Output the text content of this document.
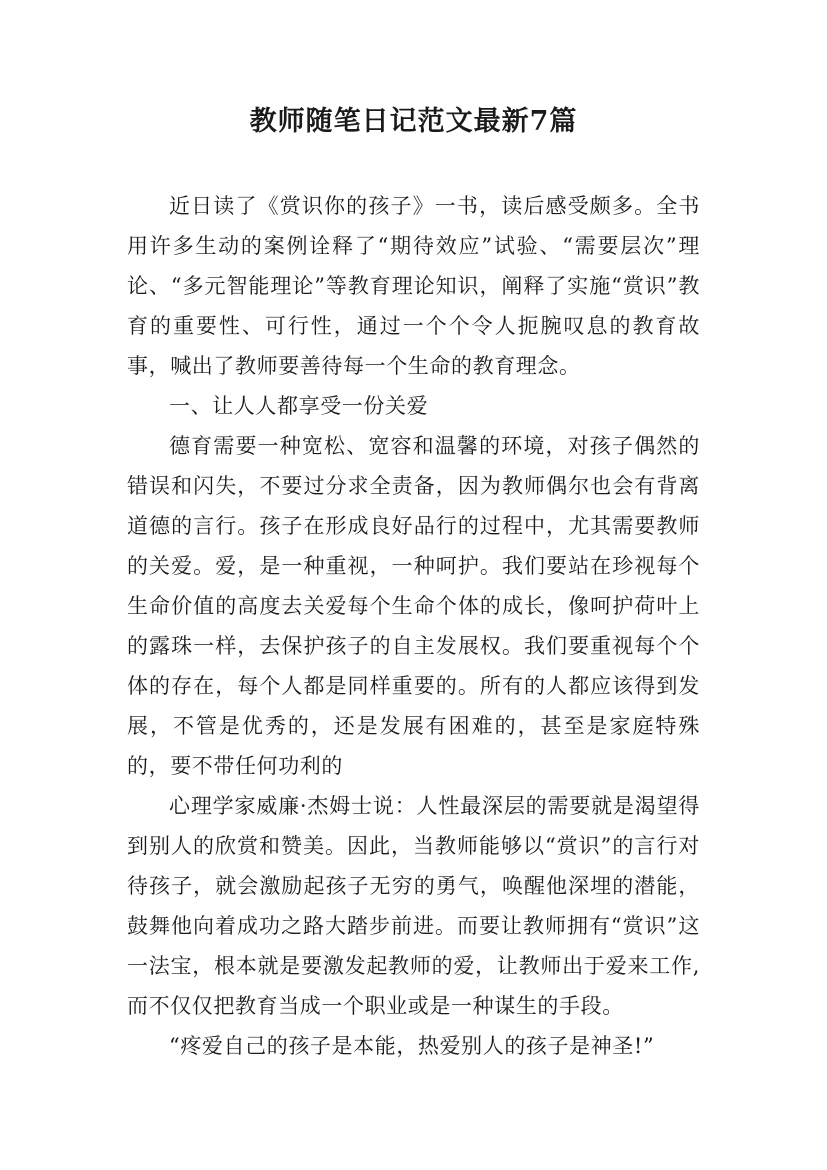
教师随笔日记范文最新7篇

近日读了《赏识你的孩子》一书，读后感受颇多。全书用许多生动的案例诠释了“期待效应”试验、“需要层次”理论、“多元智能理论”等教育理论知识，阐释了实施“赏识”教育的重要性、可行性，通过一个个令人扼腕叹息的教育故事，喊出了教师要善待每一个生命的教育理念。

一、让人人都享受一份关爱

德育需要一种宽松、宽容和温馨的环境，对孩子偶然的错误和闪失，不要过分求全责备，因为教师偶尔也会有背离道德的言行。孩子在形成良好品行的过程中，尤其需要教师的关爱。爱，是一种重视，一种呵护。我们要站在珍视每个生命价值的高度去关爱每个生命个体的成长，像呵护荷叶上的露珠一样，去保护孩子的自主发展权。我们要重视每个个体的存在，每个人都是同样重要的。所有的人都应该得到发展，不管是优秀的，还是发展有困难的，甚至是家庭特殊的，要不带任何功利的

心理学家威廉·杰姆士说：人性最深层的需要就是渴望得到别人的欣赏和赞美。因此，当教师能够以“赏识”的言行对待孩子，就会激励起孩子无穷的勇气，唤醒他深埋的潜能，鼓舞他向着成功之路大踏步前进。而要让教师拥有“赏识”这一法宝，根本就是要激发起教师的爱，让教师出于爱来工作,而不仅仅把教育当成一个职业或是一种谋生的手段。

“疼爱自己的孩子是本能，热爱别人的孩子是神圣!”
